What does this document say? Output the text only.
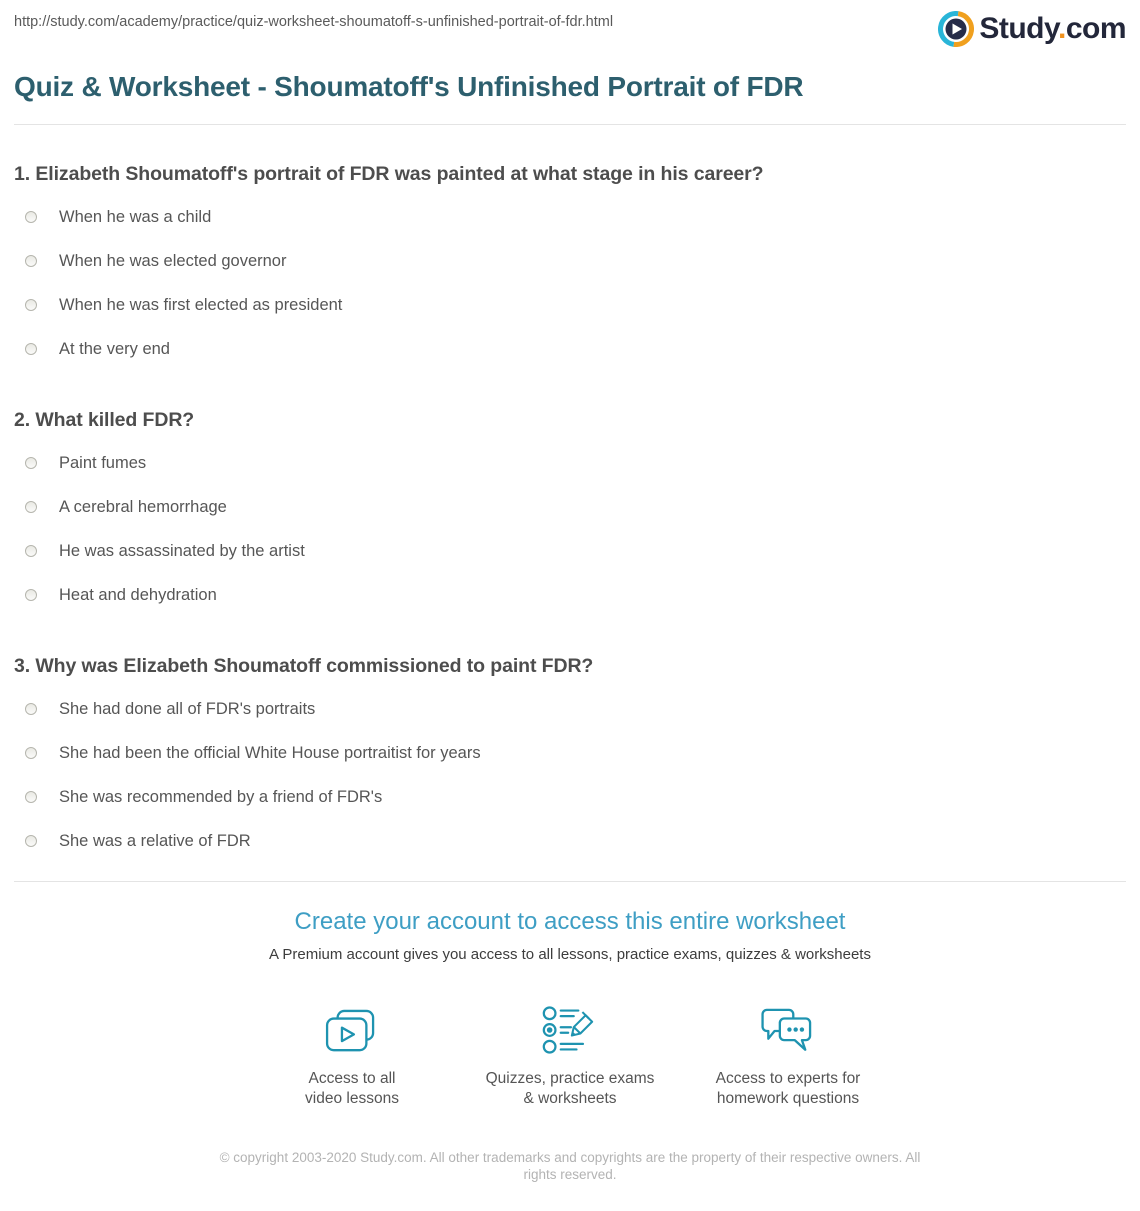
http://study.com/academy/practice/quiz-worksheet-shoumatoff-s-unfinished-portrait-of-fdr.html	Study.com
Quiz & Worksheet - Shoumatoff's Unfinished Portrait of FDR
1. Elizabeth Shoumatoff's portrait of FDR was painted at what stage in his career?
When he was a child
When he was elected governor
When he was first elected as president
At the very end
2. What killed FDR?
Paint fumes
A cerebral hemorrhage
He was assassinated by the artist
Heat and dehydration
3. Why was Elizabeth Shoumatoff commissioned to paint FDR?
She had done all of FDR's portraits
She had been the official White House portraitist for years
She was recommended by a friend of FDR's
She was a relative of FDR
Create your account to access this entire worksheet

A Premium account gives you access to all lessons, practice exams, quizzes & worksheets

Access to all
video lessons
Quizzes, practice exams
& worksheets
Access to experts for
homework questions

© copyright 2003-2020 Study.com. All other trademarks and copyrights are the property of their respective owners. All rights reserved.
